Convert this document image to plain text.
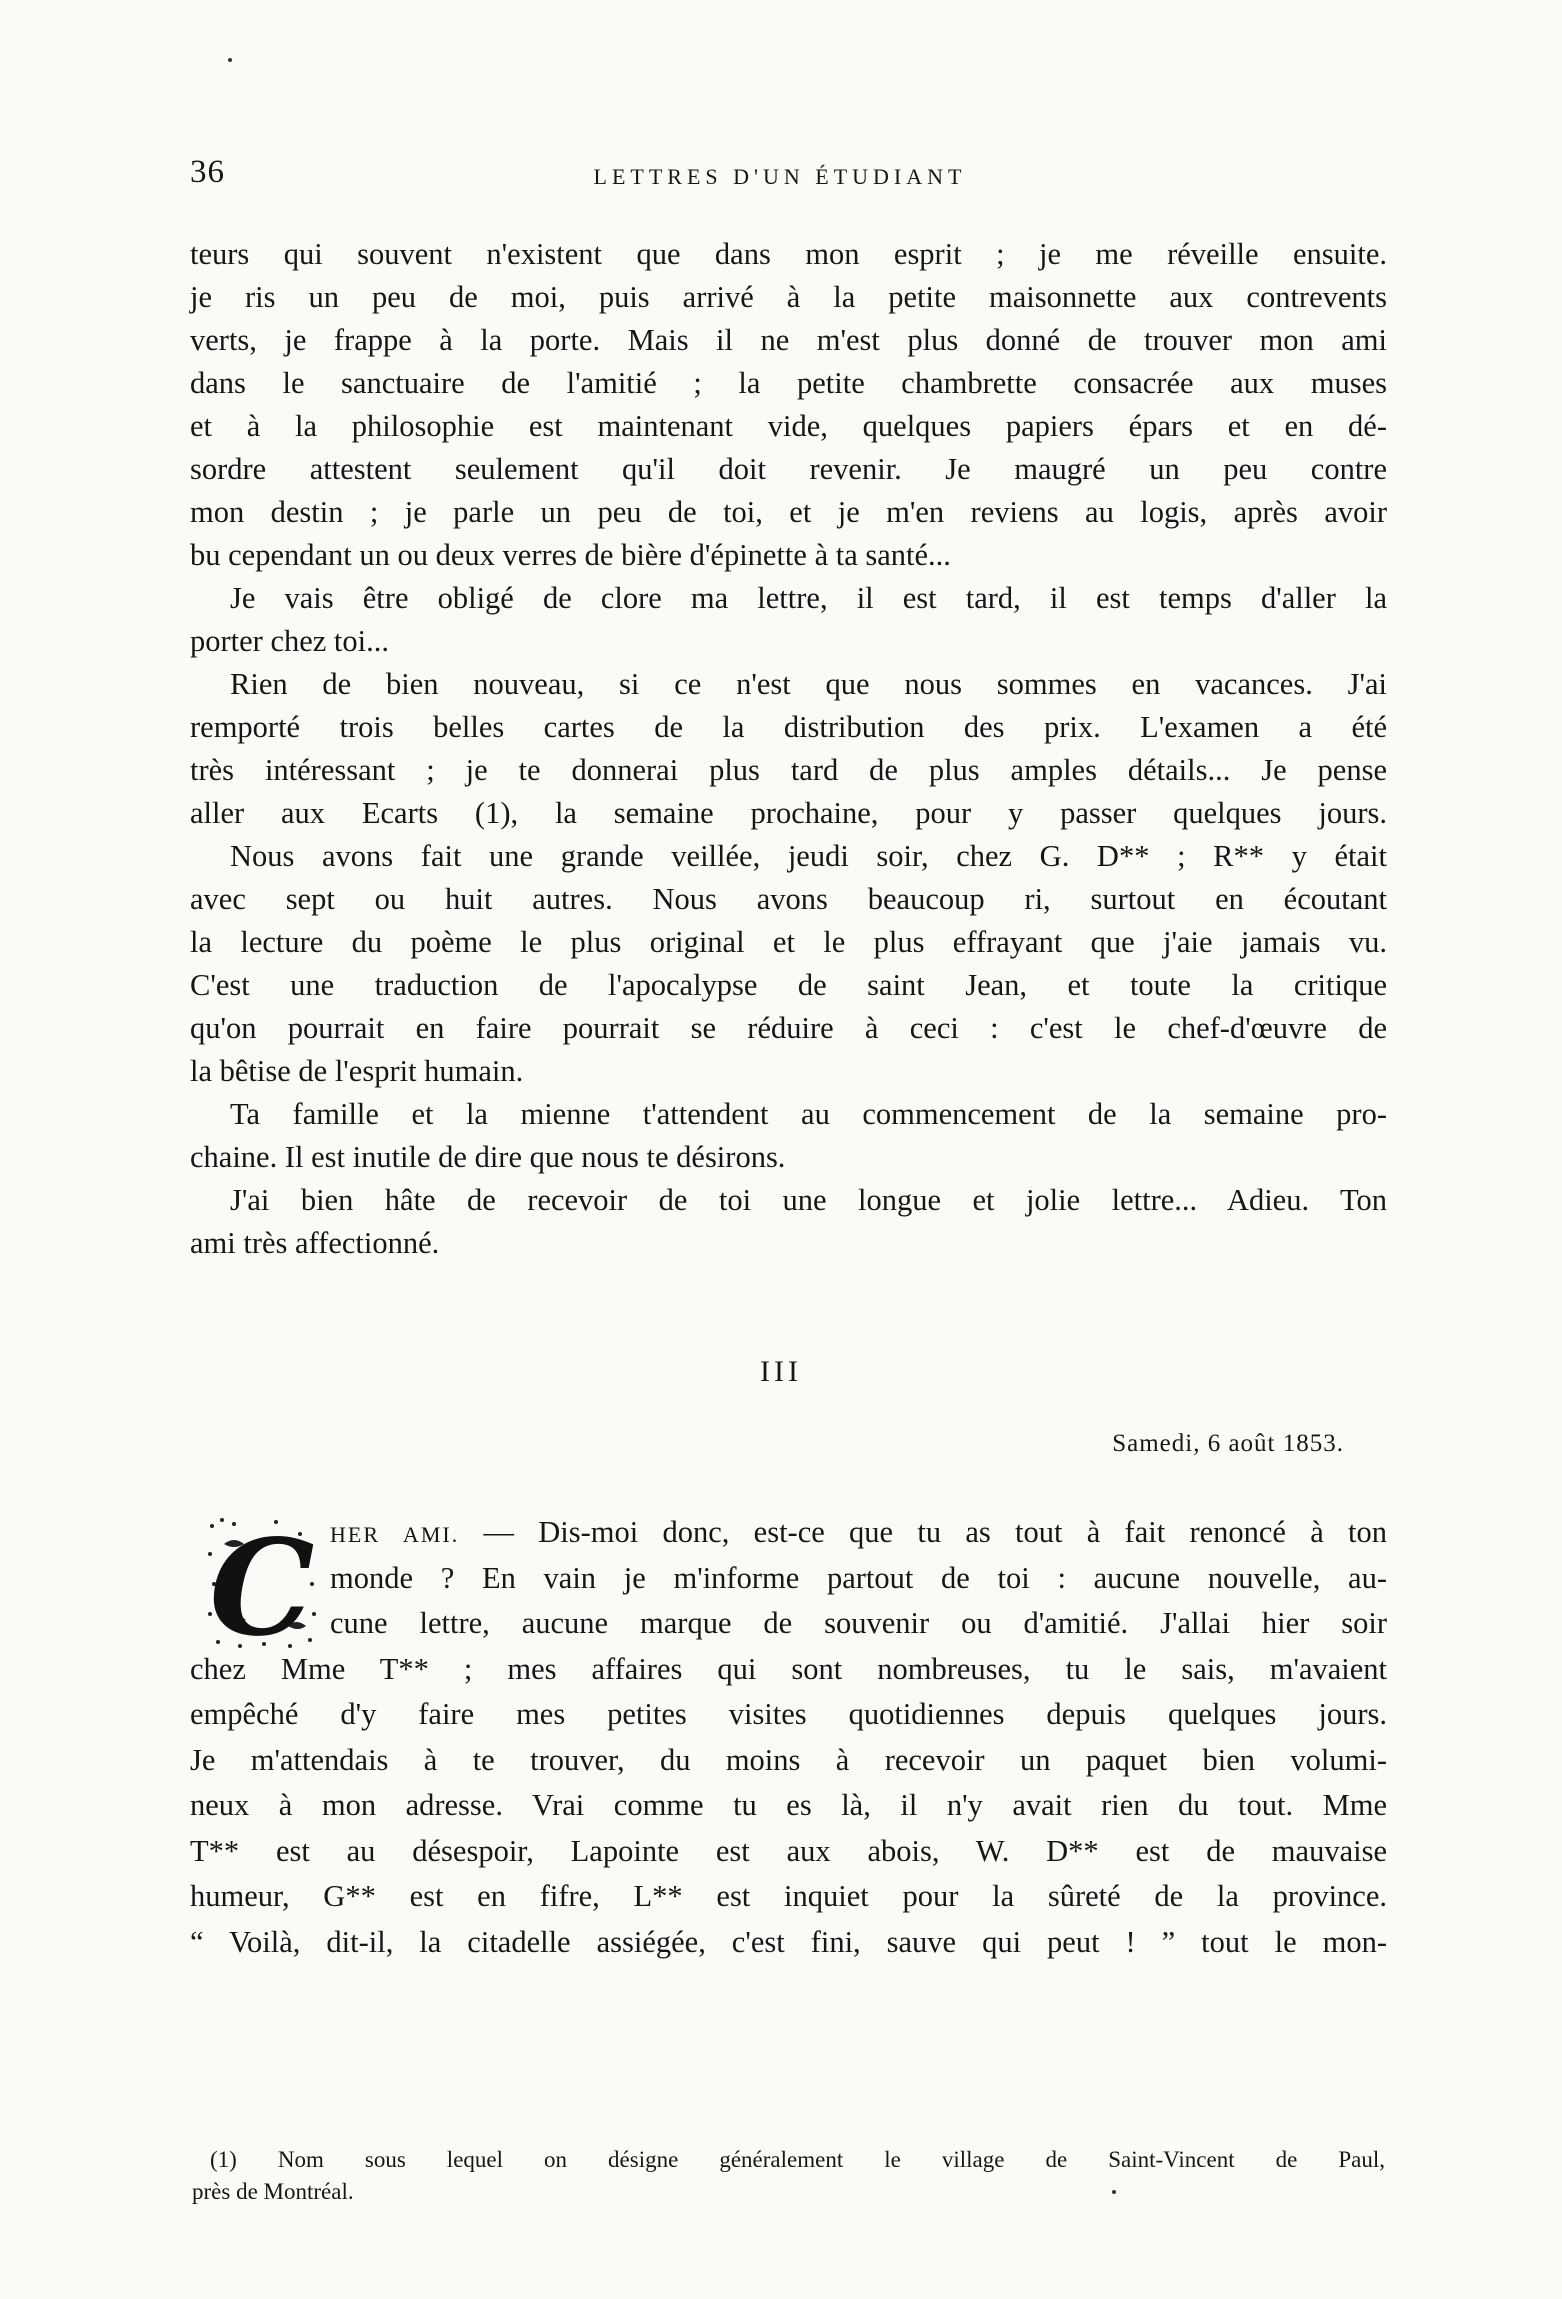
36	LETTRES D'UN ÉTUDIANT
teurs qui souvent n'existent que dans mon esprit ; je me réveille ensuite.
je ris un peu de moi, puis arrivé à la petite maisonnette aux contrevents
verts, je frappe à la porte. Mais il ne m'est plus donné de trouver mon ami
dans le sanctuaire de l'amitié ; la petite chambrette consacrée aux muses
et à la philosophie est maintenant vide, quelques papiers épars et en dé-
sordre attestent seulement qu'il doit revenir. Je maugré un peu contre
mon destin ; je parle un peu de toi, et je m'en reviens au logis, après avoir
bu cependant un ou deux verres de bière d'épinette à ta santé...
Je vais être obligé de clore ma lettre, il est tard, il est temps d'aller la
porter chez toi...
Rien de bien nouveau, si ce n'est que nous sommes en vacances. J'ai
remporté trois belles cartes de la distribution des prix. L'examen a été
très intéressant ; je te donnerai plus tard de plus amples détails... Je pense
aller aux Ecarts (1), la semaine prochaine, pour y passer quelques jours.
Nous avons fait une grande veillée, jeudi soir, chez G. D** ; R** y était
avec sept ou huit autres. Nous avons beaucoup ri, surtout en écoutant
la lecture du poème le plus original et le plus effrayant que j'aie jamais vu.
C'est une traduction de l'apocalypse de saint Jean, et toute la critique
qu'on pourrait en faire pourrait se réduire à ceci : c'est le chef-d'œuvre de
la bêtise de l'esprit humain.
Ta famille et la mienne t'attendent au commencement de la semaine pro-
chaine. Il est inutile de dire que nous te désirons.
J'ai bien hâte de recevoir de toi une longue et jolie lettre... Adieu. Ton
ami très affectionné.
III
Samedi, 6 août 1853.
C HER AMI. — Dis-moi donc, est-ce que tu as tout à fait renoncé à ton
monde ? En vain je m'informe partout de toi : aucune nouvelle, au-
cune lettre, aucune marque de souvenir ou d'amitié. J'allai hier soir
chez Mme T** ; mes affaires qui sont nombreuses, tu le sais, m'avaient
empêché d'y faire mes petites visites quotidiennes depuis quelques jours.
Je m'attendais à te trouver, du moins à recevoir un paquet bien volumi-
neux à mon adresse. Vrai comme tu es là, il n'y avait rien du tout. Mme
T** est au désespoir, Lapointe est aux abois, W. D** est de mauvaise
humeur, G** est en fifre, L** est inquiet pour la sûreté de la province.
“ Voilà, dit-il, la citadelle assiégée, c'est fini, sauve qui peut ! ” tout le mon-
(1) Nom sous lequel on désigne généralement le village de Saint-Vincent de Paul,
près de Montréal.
